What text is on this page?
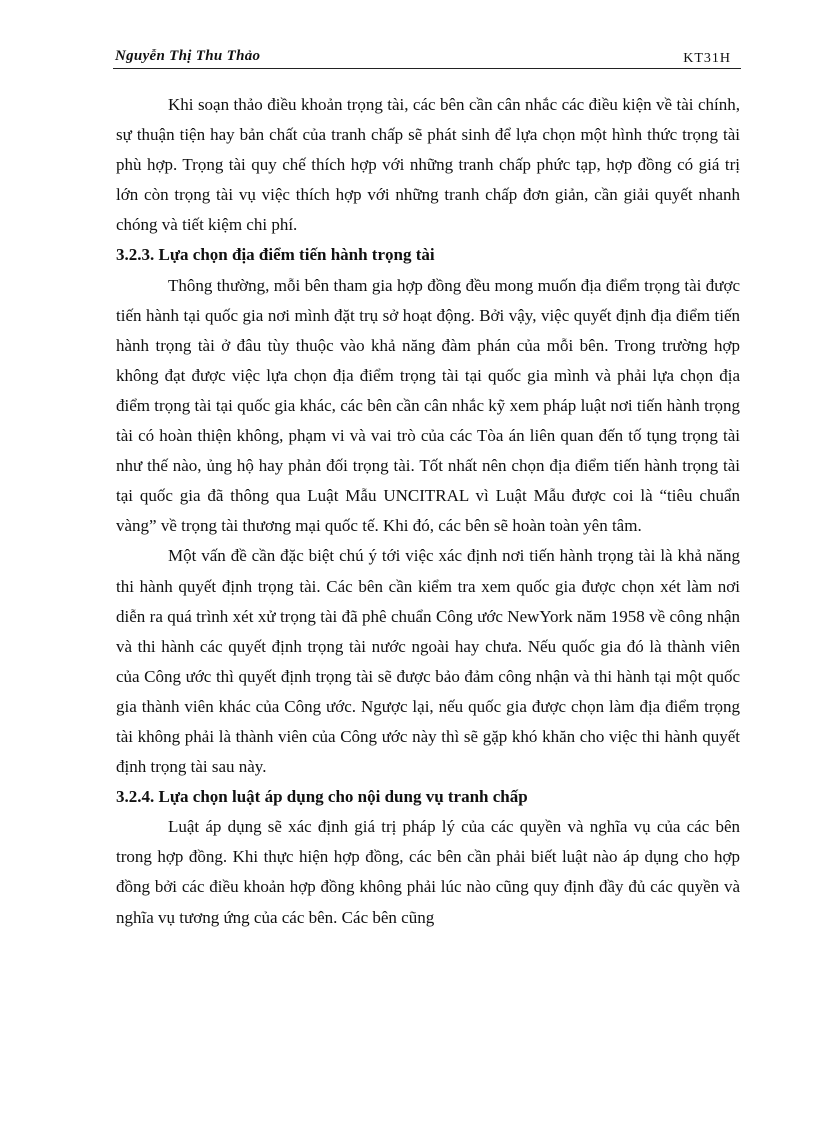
Nguyễn Thị Thu Thảo	KT31H

Khi soạn thảo điều khoản trọng tài, các bên cần cân nhắc các điều kiện về tài chính, sự thuận tiện hay bản chất của tranh chấp sẽ phát sinh để lựa chọn một hình thức trọng tài phù hợp. Trọng tài quy chế thích hợp với những tranh chấp phức tạp, hợp đồng có giá trị lớn còn trọng tài vụ việc thích hợp với những tranh chấp đơn giản, cần giải quyết nhanh chóng và tiết kiệm chi phí.

3.2.3. Lựa chọn địa điểm tiến hành trọng tài

Thông thường, mỗi bên tham gia hợp đồng đều mong muốn địa điểm trọng tài được tiến hành tại quốc gia nơi mình đặt trụ sở hoạt động. Bởi vậy, việc quyết định địa điểm tiến hành trọng tài ở đâu tùy thuộc vào khả năng đàm phán của mỗi bên. Trong trường hợp không đạt được việc lựa chọn địa điểm trọng tài tại quốc gia mình và phải lựa chọn địa điểm trọng tài tại quốc gia khác, các bên cần cân nhắc kỹ xem pháp luật nơi tiến hành trọng tài có hoàn thiện không, phạm vi và vai trò của các Tòa án liên quan đến tố tụng trọng tài như thế nào, ủng hộ hay phản đối trọng tài. Tốt nhất nên chọn địa điểm tiến hành trọng tài tại quốc gia đã thông qua Luật Mẫu UNCITRAL vì Luật Mẫu được coi là “tiêu chuẩn vàng” về trọng tài thương mại quốc tế. Khi đó, các bên sẽ hoàn toàn yên tâm.

Một vấn đề cần đặc biệt chú ý tới việc xác định nơi tiến hành trọng tài là khả năng thi hành quyết định trọng tài. Các bên cần kiểm tra xem quốc gia được chọn xét làm nơi diễn ra quá trình xét xử trọng tài đã phê chuẩn Công ước NewYork năm 1958 về công nhận và thi hành các quyết định trọng tài nước ngoài hay chưa. Nếu quốc gia đó là thành viên của Công ước thì quyết định trọng tài sẽ được bảo đảm công nhận và thi hành tại một quốc gia thành viên khác của Công ước. Ngược lại, nếu quốc gia được chọn làm địa điểm trọng tài không phải là thành viên của Công ước này thì sẽ gặp khó khăn cho việc thi hành quyết định trọng tài sau này.

3.2.4. Lựa chọn luật áp dụng cho nội dung vụ tranh chấp

Luật áp dụng sẽ xác định giá trị pháp lý của các quyền và nghĩa vụ của các bên trong hợp đồng. Khi thực hiện hợp đồng, các bên cần phải biết luật nào áp dụng cho hợp đồng bởi các điều khoản hợp đồng không phải lúc nào cũng quy định đầy đủ các quyền và nghĩa vụ tương ứng của các bên. Các bên cũng
